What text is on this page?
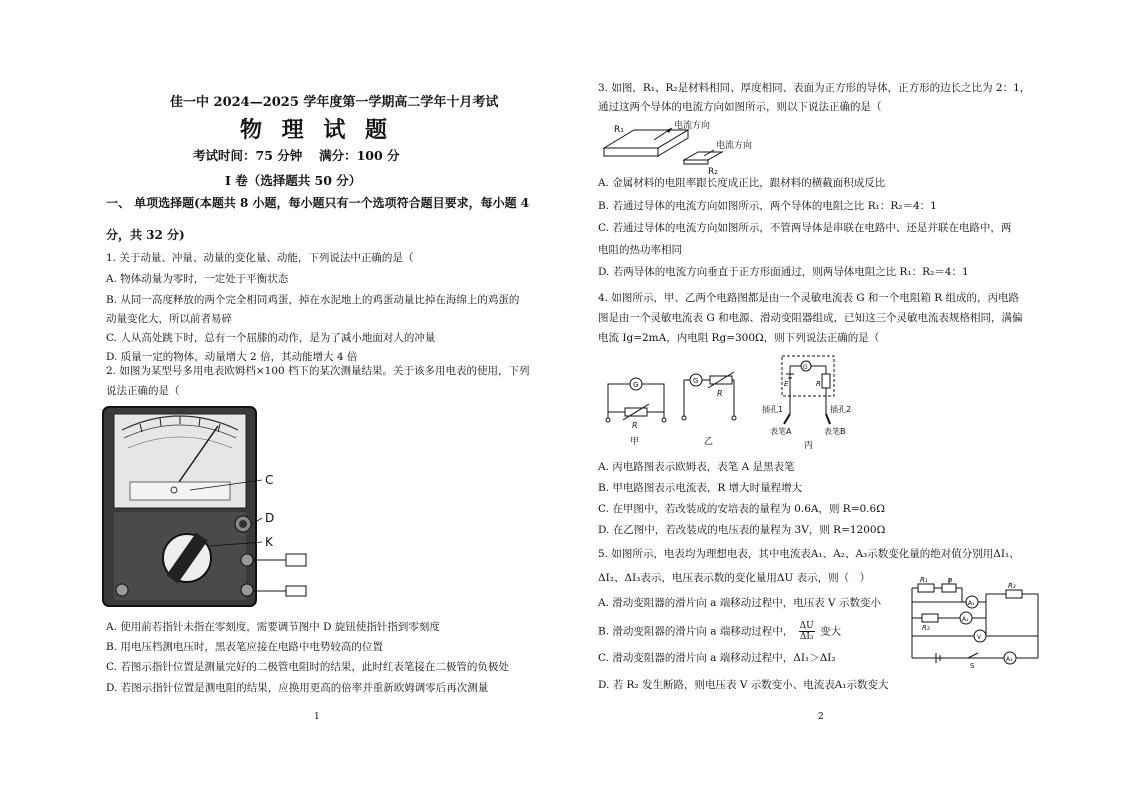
佳一中 2024—2025 学年度第一学期高二学年十月考试
物 理 试 题
考试时间：75 分钟　 满分：100 分
I 卷（选择题共 50 分）
一、 单项选择题(本题共 8 小题，每小题只有一个选项符合题目要求，每小题 4
分，共 32 分)
1. 关于动量、冲量、动量的变化量、动能，下列说法中正确的是（
A. 物体动量为零时，一定处于平衡状态
B. 从同一高度释放的两个完全相同鸡蛋，掉在水泥地上的鸡蛋动量比掉在海绵上的鸡蛋的
动量变化大，所以前者易碎
C. 人从高处跳下时，总有一个屈膝的动作，是为了减小地面对人的冲量
D. 质量一定的物体，动量增大 2 倍，其动能增大 4 倍
2. 如图为某型号多用电表欧姆档×100 档下的某次测量结果。关于该多用电表的使用，下列
说法正确的是（
C
D
K
A. 使用前若指针未指在零刻度，需要调节图中 D 旋钮使指针指到零刻度
B. 用电压档测电压时，黑表笔应接在电路中电势较高的位置
C. 若图示指针位置是测量完好的二极管电阻时的结果，此时红表笔接在二极管的负极处
D. 若图示指针位置是测电阻的结果，应换用更高的倍率并重新欧姆调零后再次测量
1
3. 如图，R₁、R₂是材料相同、厚度相同、表面为正方形的导体，正方形的边长之比为 2：1，
通过这两个导体的电流方向如图所示，则以下说法正确的是（
R₁
R₂
电流方向
电流方向
A. 金属材料的电阻率跟长度成正比，跟材料的横截面积成反比
B. 若通过导体的电流方向如图所示，两个导体的电阻之比 R₁：R₂＝4：1
C. 若通过导体的电流方向如图所示，不管两导体是串联在电路中、还是并联在电路中，两
电阻的热功率相同
D. 若两导体的电流方向垂直于正方形面通过，则两导体电阻之比 R₁：R₂＝4：1
4. 如图所示，甲、乙两个电路图都是由一个灵敏电流表 G 和一个电阻箱 R 组成的，丙电路
图是由一个灵敏电流表 G 和电源、滑动变阻器组成，已知这三个灵敏电流表规格相同，满偏
电流 Ig=2mA，内电阻 Rg=300Ω，则下列说法正确的是（
G
R
甲
G
R
乙
G
E	R
插孔1	插孔2
表笔A	表笔B
丙
A. 丙电路图表示欧姆表，表笔 A 是黑表笔
B. 甲电路图表示电流表，R 增大时量程增大
C. 在甲图中，若改装成的安培表的量程为 0.6A，则 R=0.6Ω
D. 在乙图中，若改装成的电压表的量程为 3V，则 R=1200Ω
5. 如图所示，电表均为理想电表，其中电流表A₁、A₂、A₃示数变化量的绝对值分别用ΔI₁、
ΔI₂、ΔI₃表示，电压表示数的变化量用ΔU 表示，则（　）
A. 滑动变阻器的滑片向 a 端移动过程中，电压表 V 示数变小
B. 滑动变阻器的滑片向 a 端移动过程中， $\frac{\Delta U}{\text{ΔI₃}}$ 变大
C. 滑动变阻器的滑片向 a 端移动过程中，ΔI₁＞ΔI₂
D. 若 R₂ 发生断路，则电压表 V 示数变小、电流表A₁示数变大
R₁	a
R₃
R₂
A₁
A₂
V
A₃
S
2
